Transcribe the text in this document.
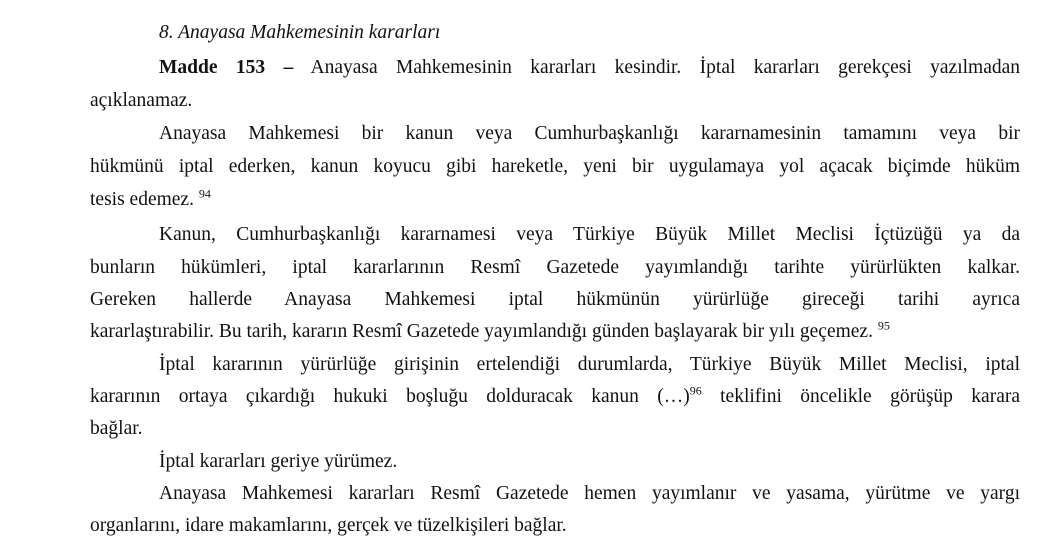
8. Anayasa Mahkemesinin kararları
Madde 153 – Anayasa Mahkemesinin kararları kesindir. İptal kararları gerekçesi yazılmadan
açıklanamaz.
Anayasa Mahkemesi bir kanun veya Cumhurbaşkanlığı kararnamesinin tamamını veya bir
hükmünü iptal ederken, kanun koyucu gibi hareketle, yeni bir uygulamaya yol açacak biçimde hüküm
tesis edemez. $^{94}$
Kanun, Cumhurbaşkanlığı kararnamesi veya Türkiye Büyük Millet Meclisi İçtüzüğü ya da
bunların hükümleri, iptal kararlarının Resmî Gazetede yayımlandığı tarihte yürürlükten kalkar.
Gereken hallerde Anayasa Mahkemesi iptal hükmünün yürürlüğe gireceği tarihi ayrıca
kararlaştırabilir. Bu tarih, kararın Resmî Gazetede yayımlandığı günden başlayarak bir yılı geçemez. $^{95}$
İptal kararının yürürlüğe girişinin ertelendiği durumlarda, Türkiye Büyük Millet Meclisi, iptal
kararının ortaya çıkardığı hukuki boşluğu dolduracak kanun (…)$^{96}$ teklifini öncelikle görüşüp karara
bağlar.
İptal kararları geriye yürümez.
Anayasa Mahkemesi kararları Resmî Gazetede hemen yayımlanır ve yasama, yürütme ve yargı
organlarını, idare makamlarını, gerçek ve tüzelkişileri bağlar.
